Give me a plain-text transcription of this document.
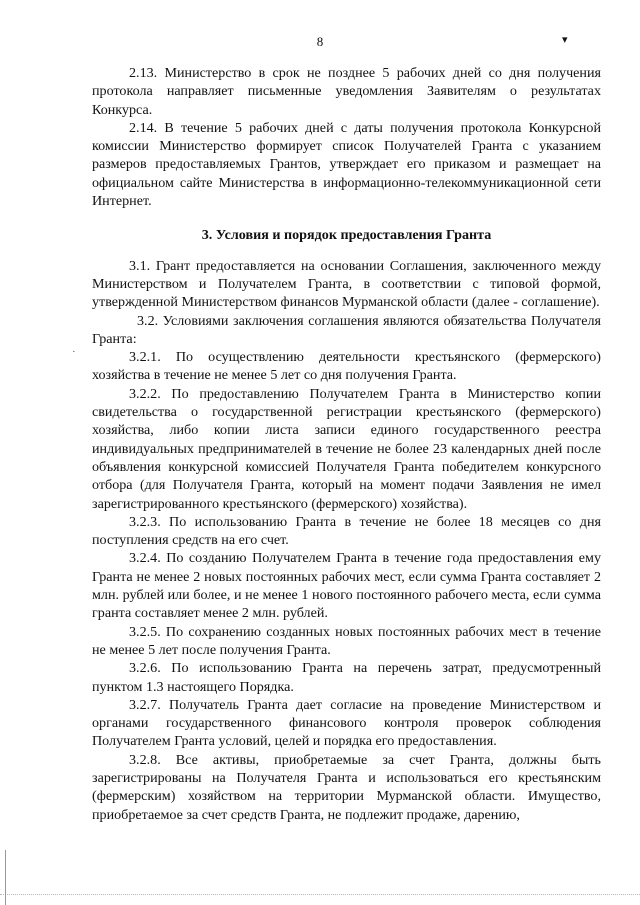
8	▾
·

2.13. Министерство в срок не позднее 5 рабочих дней со дня получения протокола направляет письменные уведомления Заявителям о результатах Конкурса.

2.14. В течение 5 рабочих дней с даты получения протокола Конкурсной комиссии Министерство формирует список Получателей Гранта с указанием размеров предоставляемых Грантов, утверждает его приказом и размещает на официальном сайте Министерства в информационно-телекоммуникационной сети Интернет.

3. Условия и порядок предоставления Гранта

3.1. Грант предоставляется на основании Соглашения, заключенного между Министерством и Получателем Гранта, в соответствии с типовой формой, утвержденной Министерством финансов Мурманской области (далее - соглашение).

3.2. Условиями заключения соглашения являются обязательства Получателя Гранта:

3.2.1. По осуществлению деятельности крестьянского (фермерского) хозяйства в течение не менее 5 лет со дня получения Гранта.

3.2.2. По предоставлению Получателем Гранта в Министерство копии свидетельства о государственной регистрации крестьянского (фермерского) хозяйства, либо копии листа записи единого государственного реестра индивидуальных предпринимателей в течение не более 23 календарных дней после объявления конкурсной комиссией Получателя Гранта победителем конкурсного отбора (для Получателя Гранта, который на момент подачи Заявления не имел зарегистрированного крестьянского (фермерского) хозяйства).

3.2.3. По использованию Гранта в течение не более 18 месяцев со дня поступления средств на его счет.

3.2.4. По созданию Получателем Гранта в течение года предоставления ему Гранта не менее 2 новых постоянных рабочих мест, если сумма Гранта составляет 2 млн. рублей или более, и не менее 1 нового постоянного рабочего места, если сумма гранта составляет менее 2 млн. рублей.

3.2.5. По сохранению созданных новых постоянных рабочих мест в течение не менее 5 лет после получения Гранта.

3.2.6. По использованию Гранта на перечень затрат, предусмотренный пунктом 1.3 настоящего Порядка.

3.2.7. Получатель Гранта дает согласие на проведение Министерством и органами государственного финансового контроля проверок соблюдения Получателем Гранта условий, целей и порядка его предоставления.

3.2.8. Все активы, приобретаемые за счет Гранта, должны быть зарегистрированы на Получателя Гранта и использоваться его крестьянским (фермерским) хозяйством на территории Мурманской области. Имущество, приобретаемое за счет средств Гранта, не подлежит продаже, дарению,
